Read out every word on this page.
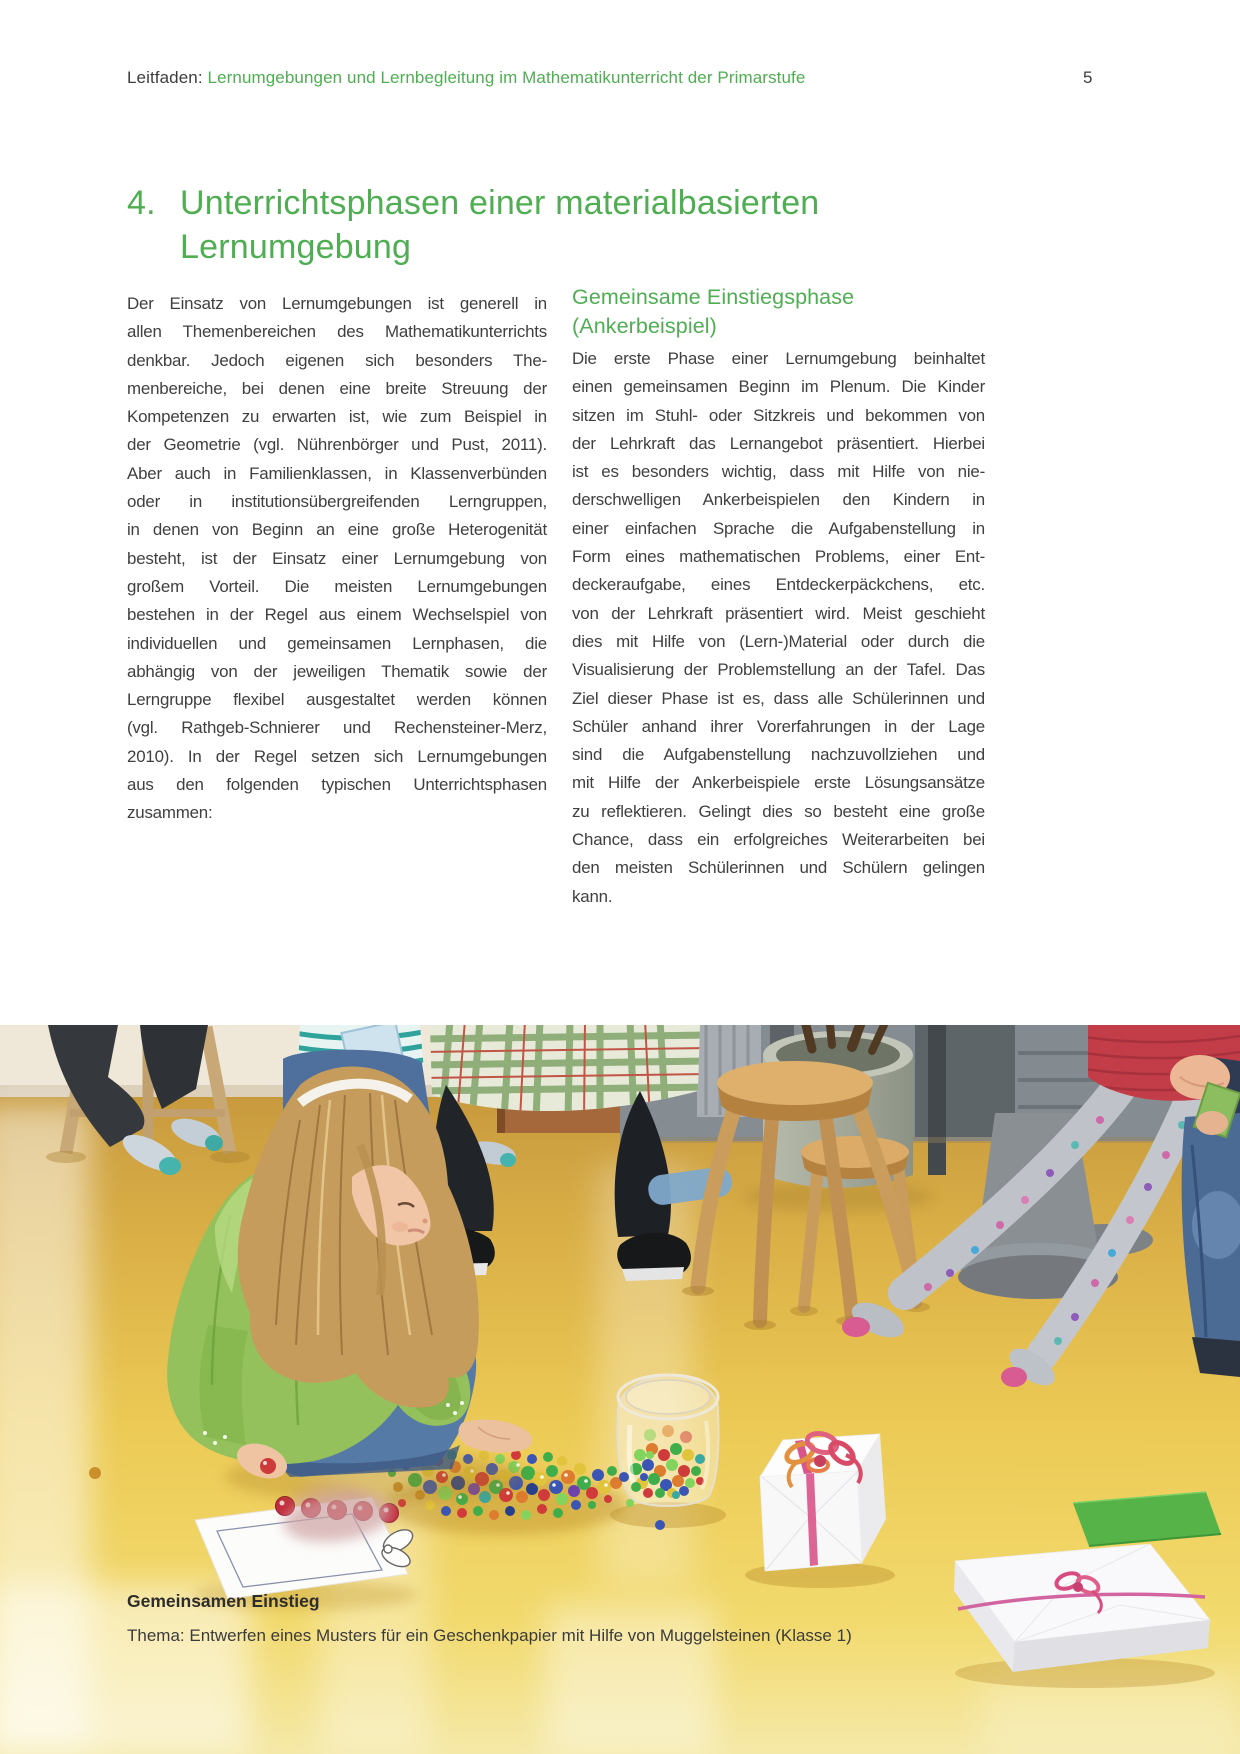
Leitfaden: Lernumgebungen und Lernbegleitung im Mathematikunterricht der Primarstufe	5
4. Unterrichtsphasen einer materialbasierten
Lernumgebung
Der Einsatz von Lernumgebungen ist generell in
allen Themenbereichen des Mathematikunterrichts
denkbar. Jedoch eigenen sich besonders The-
menbereiche, bei denen eine breite Streuung der
Kompetenzen zu erwarten ist, wie zum Beispiel in
der Geometrie (vgl. Nührenbörger und Pust, 2011).
Aber auch in Familienklassen, in Klassenverbünden
oder in institutionsübergreifenden Lerngruppen,
in denen von Beginn an eine große Heterogenität
besteht, ist der Einsatz einer Lernumgebung von
großem Vorteil. Die meisten Lernumgebungen
bestehen in der Regel aus einem Wechselspiel von
individuellen und gemeinsamen Lernphasen, die
abhängig von der jeweiligen Thematik sowie der
Lerngruppe flexibel ausgestaltet werden können
(vgl. Rathgeb-Schnierer und Rechensteiner-Merz,
2010). In der Regel setzen sich Lernumgebungen
aus den folgenden typischen Unterrichtsphasen
zusammen:
Gemeinsame Einstiegsphase
(Ankerbeispiel)
Die erste Phase einer Lernumgebung beinhaltet
einen gemeinsamen Beginn im Plenum. Die Kinder
sitzen im Stuhl- oder Sitzkreis und bekommen von
der Lehrkraft das Lernangebot präsentiert. Hierbei
ist es besonders wichtig, dass mit Hilfe von nie-
derschwelligen Ankerbeispielen den Kindern in
einer einfachen Sprache die Aufgabenstellung in
Form eines mathematischen Problems, einer Ent-
deckeraufgabe, eines Entdeckerpäckchens, etc.
von der Lehrkraft präsentiert wird. Meist geschieht
dies mit Hilfe von (Lern-)Material oder durch die
Visualisierung der Problemstellung an der Tafel. Das
Ziel dieser Phase ist es, dass alle Schülerinnen und
Schüler anhand ihrer Vorerfahrungen in der Lage
sind die Aufgabenstellung nachzuvollziehen und
mit Hilfe der Ankerbeispiele erste Lösungsansätze
zu reflektieren. Gelingt dies so besteht eine große
Chance, dass ein erfolgreiches Weiterarbeiten bei
den meisten Schülerinnen und Schülern gelingen
kann.
Gemeinsamen Einstieg
Thema: Entwerfen eines Musters für ein Geschenkpapier mit Hilfe von Muggelsteinen (Klasse 1)
